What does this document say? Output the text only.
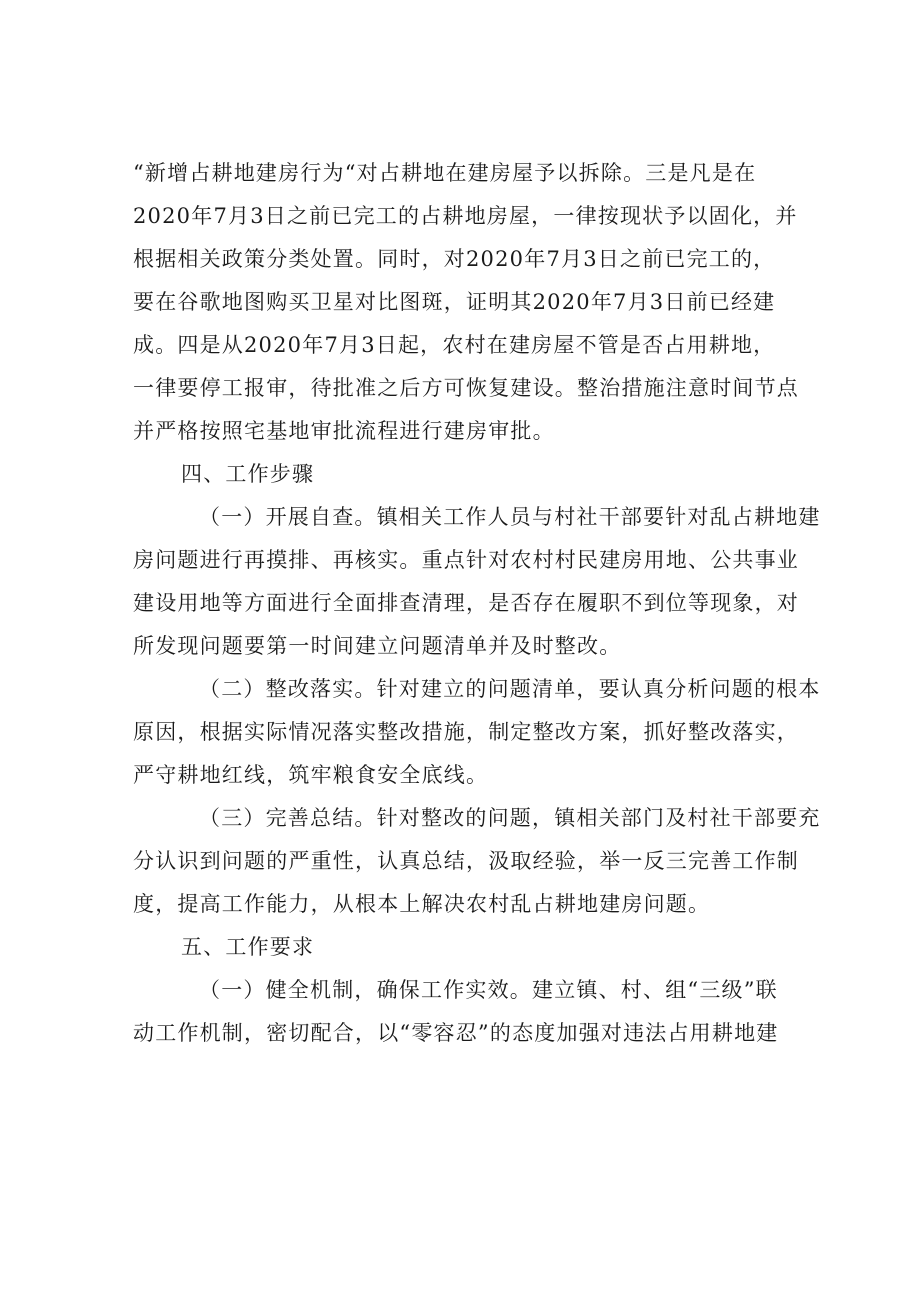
“新增占耕地建房行为“对占耕地在建房屋予以拆除。三是凡是在
2020年7月3日之前已完工的占耕地房屋，一律按现状予以固化，并
根据相关政策分类处置。同时，对2020年7月3日之前已完工的，
要在谷歌地图购买卫星对比图斑，证明其2020年7月3日前已经建
成。四是从2020年7月3日起，农村在建房屋不管是否占用耕地，
一律要停工报审，待批准之后方可恢复建设。整治措施注意时间节点
并严格按照宅基地审批流程进行建房审批。
四、工作步骤
（一）开展自查。镇相关工作人员与村社干部要针对乱占耕地建
房问题进行再摸排、再核实。重点针对农村村民建房用地、公共事业
建设用地等方面进行全面排查清理，是否存在履职不到位等现象，对
所发现问题要第一时间建立问题清单并及时整改。
（二）整改落实。针对建立的问题清单，要认真分析问题的根本
原因，根据实际情况落实整改措施，制定整改方案，抓好整改落实，
严守耕地红线，筑牢粮食安全底线。
（三）完善总结。针对整改的问题，镇相关部门及村社干部要充
分认识到问题的严重性，认真总结，汲取经验，举一反三完善工作制
度，提高工作能力，从根本上解决农村乱占耕地建房问题。
五、工作要求
（一）健全机制，确保工作实效。建立镇、村、组“三级”联
动工作机制，密切配合，以“零容忍”的态度加强对违法占用耕地建
